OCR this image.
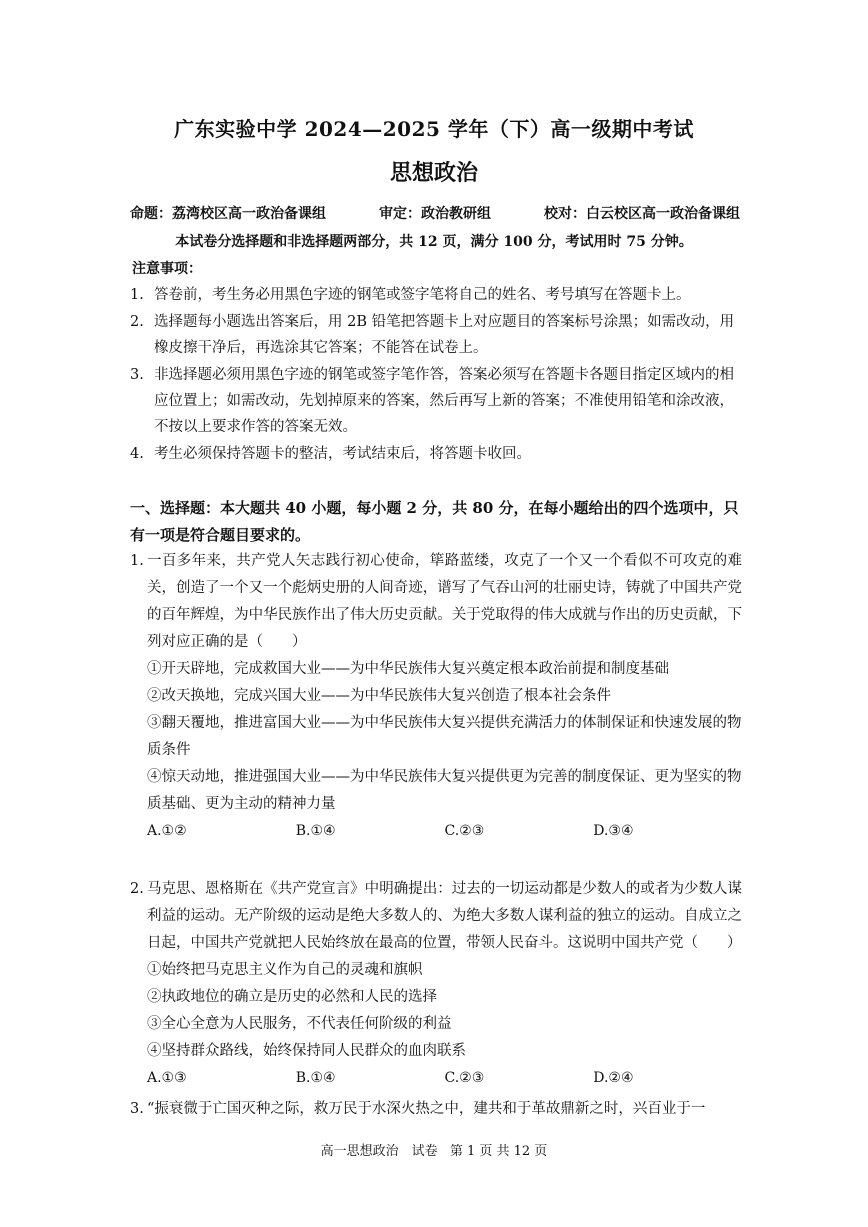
广东实验中学 2024—2025 学年（下）高一级期中考试
思想政治
命题：荔湾校区高一政治备课组	审定：政治教研组	校对：白云校区高一政治备课组
本试卷分选择题和非选择题两部分，共 12 页，满分 100 分，考试用时 75 分钟。
注意事项：
1. 答卷前，考生务必用黑色字迹的钢笔或签字笔将自己的姓名、考号填写在答题卡上。
2. 选择题每小题选出答案后，用 2B 铅笔把答题卡上对应题目的答案标号涂黑；如需改动，用橡皮擦干净后，再选涂其它答案；不能答在试卷上。
3. 非选择题必须用黑色字迹的钢笔或签字笔作答，答案必须写在答题卡各题目指定区域内的相应位置上；如需改动，先划掉原来的答案，然后再写上新的答案；不准使用铅笔和涂改液，不按以上要求作答的答案无效。
4. 考生必须保持答题卡的整洁，考试结束后，将答题卡收回。
一、选择题：本大题共 40 小题，每小题 2 分，共 80 分，在每小题给出的四个选项中，只有一项是符合题目要求的。
1. 一百多年来，共产党人矢志践行初心使命，筚路蓝缕，攻克了一个又一个看似不可攻克的难关，创造了一个又一个彪炳史册的人间奇迹，谱写了气吞山河的壮丽史诗，铸就了中国共产党的百年辉煌，为中华民族作出了伟大历史贡献。关于党取得的伟大成就与作出的历史贡献，下列对应正确的是（　　）
①开天辟地，完成救国大业——为中华民族伟大复兴奠定根本政治前提和制度基础
②改天换地，完成兴国大业——为中华民族伟大复兴创造了根本社会条件
③翻天覆地，推进富国大业——为中华民族伟大复兴提供充满活力的体制保证和快速发展的物质条件
④惊天动地，推进强国大业——为中华民族伟大复兴提供更为完善的制度保证、更为坚实的物质基础、更为主动的精神力量
A.①②	B.①④	C.②③	D.③④
2. 马克思、恩格斯在《共产党宣言》中明确提出：过去的一切运动都是少数人的或者为少数人谋利益的运动。无产阶级的运动是绝大多数人的、为绝大多数人谋利益的独立的运动。自成立之日起，中国共产党就把人民始终放在最高的位置，带领人民奋斗。这说明中国共产党（　　）
①始终把马克思主义作为自己的灵魂和旗帜
②执政地位的确立是历史的必然和人民的选择
③全心全意为人民服务，不代表任何阶级的利益
④坚持群众路线，始终保持同人民群众的血肉联系
A.①③	B.①④	C.②③	D.②④
3. “振衰微于亡国灭种之际，救万民于水深火热之中，建共和于革故鼎新之时，兴百业于一
高一思想政治　试卷 第 1 页 共 12 页
